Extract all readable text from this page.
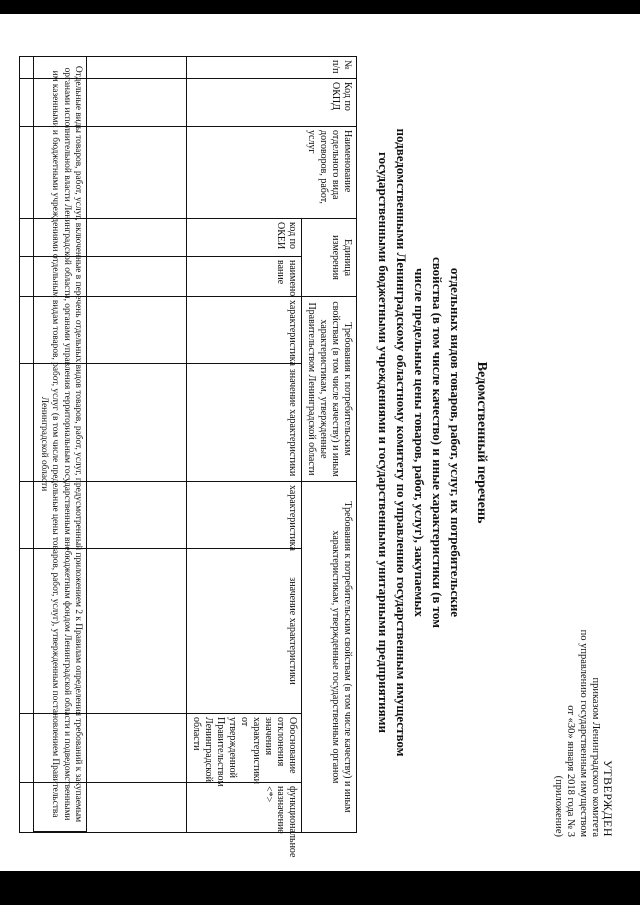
УТВЕРЖДЕН
приказом Ленинградского комитета
по управлению государственным имуществом
от «30» января 2018 года № 3
(приложение)
Ведомственный перечень
отдельных видов товаров, работ, услуг, их потребительские
свойства (в том числе качество) и иные характеристики (в том
числе предельные цены товаров, работ, услуг), закупаемых
подведомственными Ленинградскому областному комитету по управлению государственным имуществом
государственными бюджетными учреждениями и государственными унитарными предприятиями
№ п/п	Код по ОКПД	Наименование отдельного вида договоров, работ, услуг	Единица измерения		Требования к потребительским свойствам (в том числе качеству) и иным характеристикам, утвержденные Правительством Ленинградской области		Требования к потребительским свойствам (в том числе качеству) и иным характеристикам, утвержденные государственным органом			
			код по ОКЕИ	наимено вание	характеристика	значение характеристики	характеристика	значение характеристики	Обоснование отклонения значения характеристики от утвержденной Правительством Ленинградской области	функциональное назначение <*>

Отдельные виды товаров, работ, услуг, включенные в перечень отдельных видов товаров, работ, услуг, предусмотренный приложением 2 к Правилам определения требований к закупаемым органами исполнительной власти Ленинградской области, органами управления территориальным государственным внебюджетным фондом Ленинградской области и подведомственными им казенными и бюджетными учреждениями отдельным видам товаров, работ, услуг (в том числе предельные цены товаров, работ, услуг), утвержденным постановлением Правительства Ленинградской области
